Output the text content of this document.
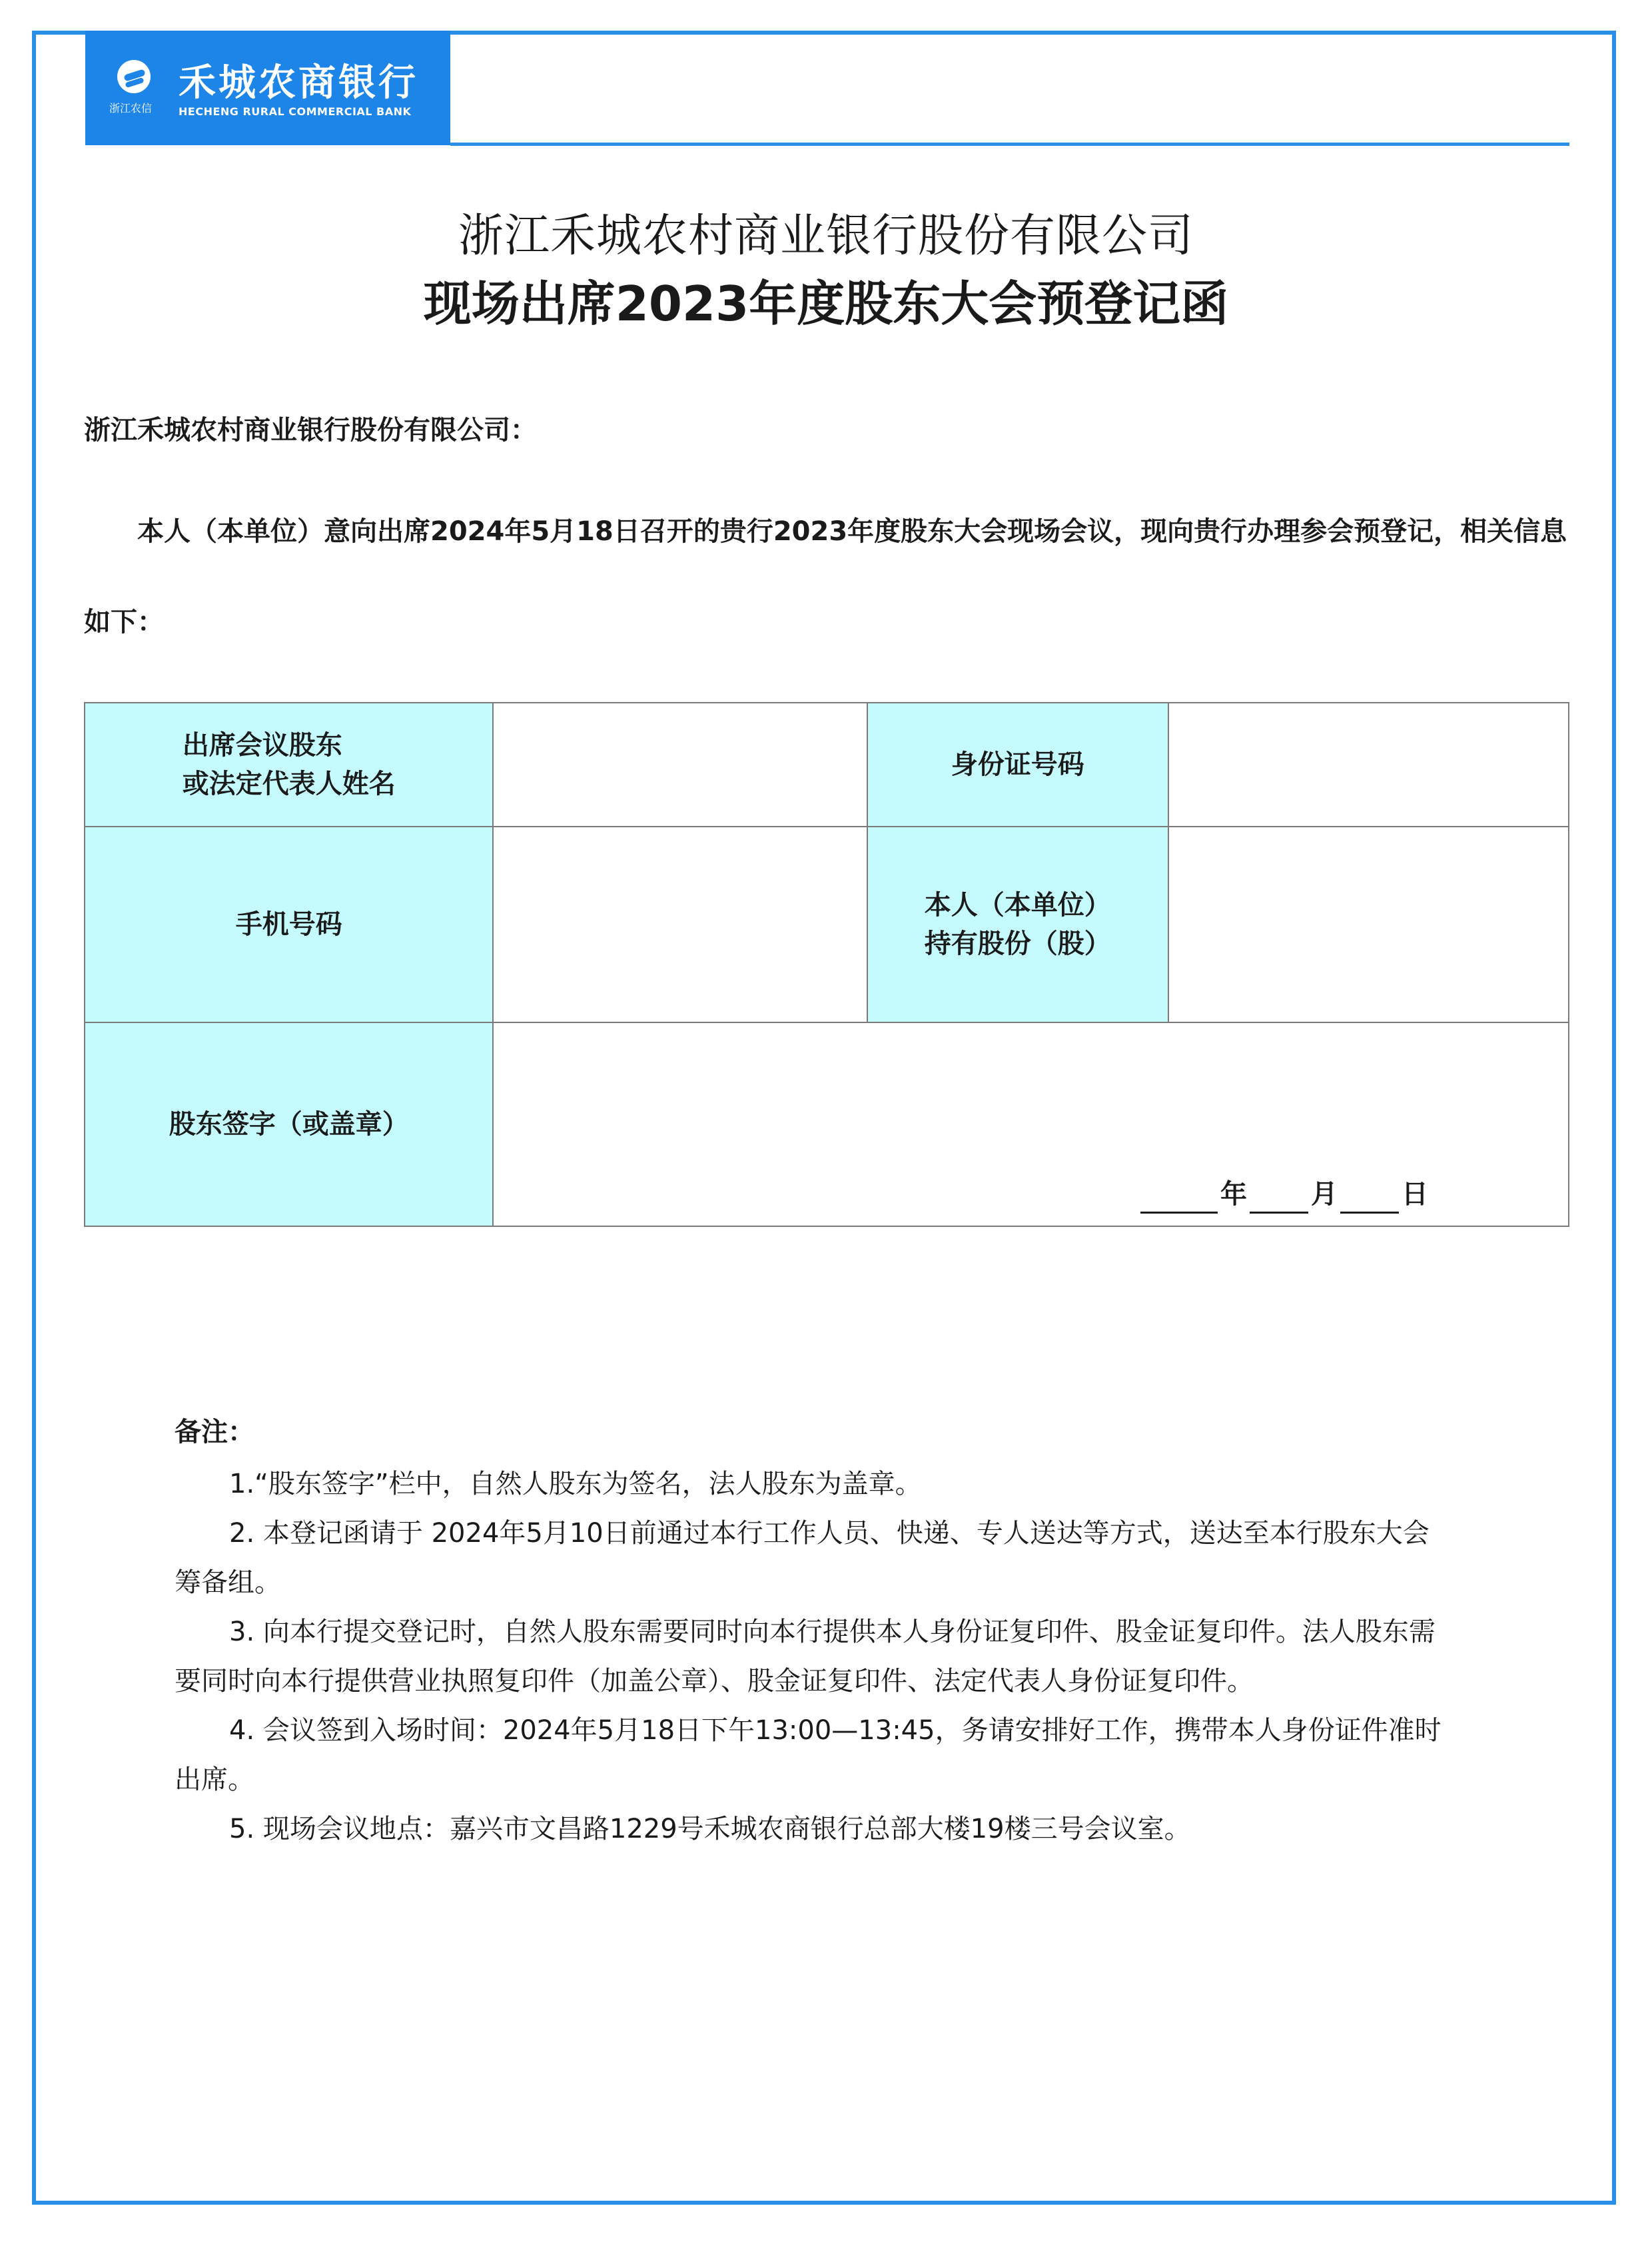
浙江农信
禾城农商银行
HECHENG RURAL COMMERCIAL BANK
浙江禾城农村商业银行股份有限公司
现场出席2023年度股东大会预登记函
浙江禾城农村商业银行股份有限公司：
本人（本单位）意向出席2024年5月18日召开的贵行2023年度股东大会现场会议，现向贵行办理参会预登记，相关信息如下：
出席会议股东
或法定代表人姓名		身份证号码	
手机号码		本人（本单位）
持有股份（股）	
股东签字（或盖章）	年 月 日		
备注：
1.“股东签字”栏中，自然人股东为签名，法人股东为盖章。
2. 本登记函请于 2024年5月10日前通过本行工作人员、快递、专人送达等方式，送达至本行股东大会筹备组。
3. 向本行提交登记时，自然人股东需要同时向本行提供本人身份证复印件、股金证复印件。法人股东需要同时向本行提供营业执照复印件（加盖公章）、股金证复印件、法定代表人身份证复印件。
4. 会议签到入场时间：2024年5月18日下午13:00—13:45，务请安排好工作，携带本人身份证件准时出席。
5. 现场会议地点：嘉兴市文昌路1229号禾城农商银行总部大楼19楼三号会议室。
